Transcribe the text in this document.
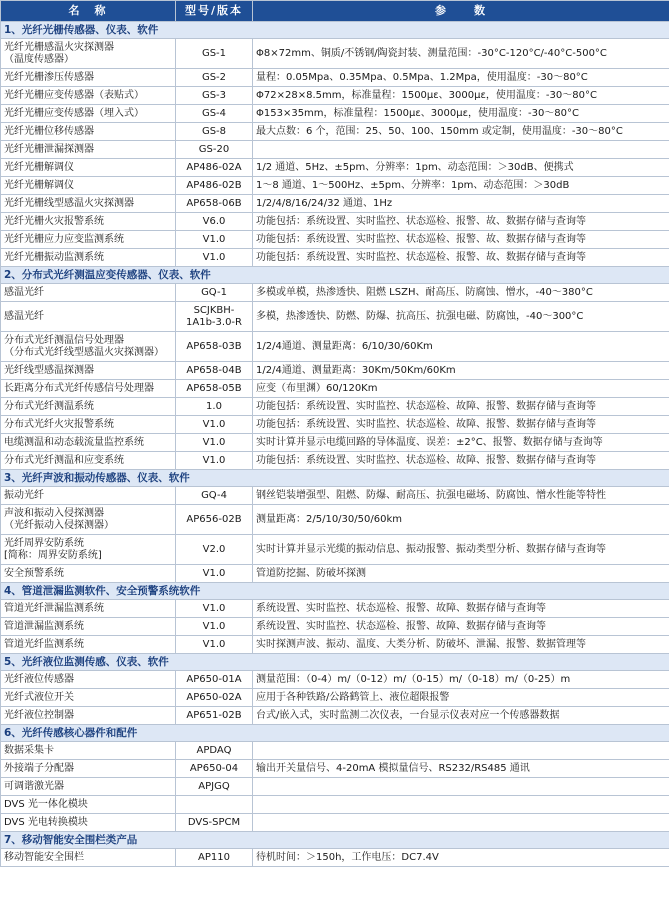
名　称	型号/版本	参　　数
1、光纤光栅传感器、仪表、软件		

光纤光栅感温火灾探测器
（温度传感器）	GS-1	Φ8×72mm、铜质/不锈钢/陶瓷封装、测量范围：-30°C-120°C/-40°C-500°C

光纤光栅渗压传感器	GS-2	量程：0.05Mpa、0.35Mpa、0.5Mpa、1.2Mpa，使用温度：-30～80°C

光纤光栅应变传感器（表贴式）	GS-3	Φ72×28×8.5mm，标准量程：1500με、3000με，使用温度：-30～80°C

光纤光栅应变传感器（埋入式）	GS-4	Φ153×35mm，标准量程：1500με、3000με，使用温度：-30～80°C

光纤光栅位移传感器	GS-8	最大点数：6 个，范围：25、50、100、150mm 或定制，使用温度：-30～80°C

光纤光栅泄漏探测器	GS-20	

光纤光栅解调仪	AP486-02A	1/2 通道、5Hz、±5pm、分辨率：1pm、动态范围：＞30dB、便携式

光纤光栅解调仪	AP486-02B	1～8 通道、1～500Hz、±5pm、分辨率：1pm、动态范围：＞30dB

光纤光栅线型感温火灾探测器	AP658-06B	1/2/4/8/16/24/32 通道、1Hz

光纤光栅火灾报警系统	V6.0	功能包括：系统设置、实时监控、状态巡检、报警、故、数据存储与查询等

光纤光栅应力应变监测系统	V1.0	功能包括：系统设置、实时监控、状态巡检、报警、故、数据存储与查询等

光纤光栅振动监测系统	V1.0	功能包括：系统设置、实时监控、状态巡检、报警、故、数据存储与查询等
2、分布式光纤测温应变传感器、仪表、软件		

感温光纤	GQ-1	多模或单模，热渗透快、阻燃 LSZH、耐高压、防腐蚀、憎水，-40～380°C

感温光纤	SCJKBH-
1A1b-3.0-R	多模，热渗透快、防燃、防爆、抗高压、抗强电磁、防腐蚀，-40～300°C

分布式光纤测温信号处理器
（分布式光纤线型感温火灾探测器）	AP658-03B	1/2/4通道、测量距离：6/10/30/60Km

光纤线型感温探测器	AP658-04B	1/2/4通道、测量距离：30Km/50Km/60Km

长距离分布式光纤传感信号处理器	AP658-05B	应变（布里渊）60/120Km

分布式光纤测温系统	1.0	功能包括：系统设置、实时监控、状态巡检、故障、报警、数据存储与查询等

分布式光纤火灾报警系统	V1.0	功能包括：系统设置、实时监控、状态巡检、故障、报警、数据存储与查询等

电缆测温和动态载流量监控系统	V1.0	实时计算并显示电缆回路的导体温度、误差：±2°C、报警、数据存储与查询等

分布式光纤测温和应变系统	V1.0	功能包括：系统设置、实时监控、状态巡检、故障、报警、数据存储与查询等
3、光纤声波和振动传感器、仪表、软件		

振动光纤	GQ-4	钢丝铠装增强型、阻燃、防爆、耐高压、抗强电磁场、防腐蚀、憎水性能等特性

声波和振动入侵探测器
（光纤振动入侵探测器）	AP656-02B	测量距离：2/5/10/30/50/60km

光纤周界安防系统
[简称：周界安防系统]	V2.0	实时计算并显示光缆的振动信息、振动报警、振动类型分析、数据存储与查询等

安全预警系统	V1.0	管道防挖掘、防破坏探测
4、管道泄漏监测软件、安全预警系统软件		

管道光纤泄漏监测系统	V1.0	系统设置、实时监控、状态巡检、报警、故障、数据存储与查询等

管道泄漏监测系统	V1.0	系统设置、实时监控、状态巡检、报警、故障、数据存储与查询等

管道光纤监测系统	V1.0	实时探测声波、振动、温度、大类分析、防破坏、泄漏、报警、数据管理等
5、光纤液位监测传感、仪表、软件		

光纤液位传感器	AP650-01A	测量范围：（0-4）m/（0-12）m/（0-15）m/（0-18）m/（0-25）m

光纤式液位开关	AP650-02A	应用于各种铁路/公路鹤管上、液位超限报警

光纤液位控制器	AP651-02B	台式/嵌入式，实时监测二次仪表，一台显示仪表对应一个传感器数据
6、光纤传感核心器件和配件		

数据采集卡	APDAQ	

外接端子分配器	AP650-04	输出开关量信号、4-20mA 模拟量信号、RS232/RS485 通讯

可调谐激光器	APJGQ	

DVS 光一体化模块		

DVS 光电转换模块	DVS-SPCM	

7、移动智能安全围栏类产品		

移动智能安全围栏	AP110	待机时间：＞150h，工作电压：DC7.4V
